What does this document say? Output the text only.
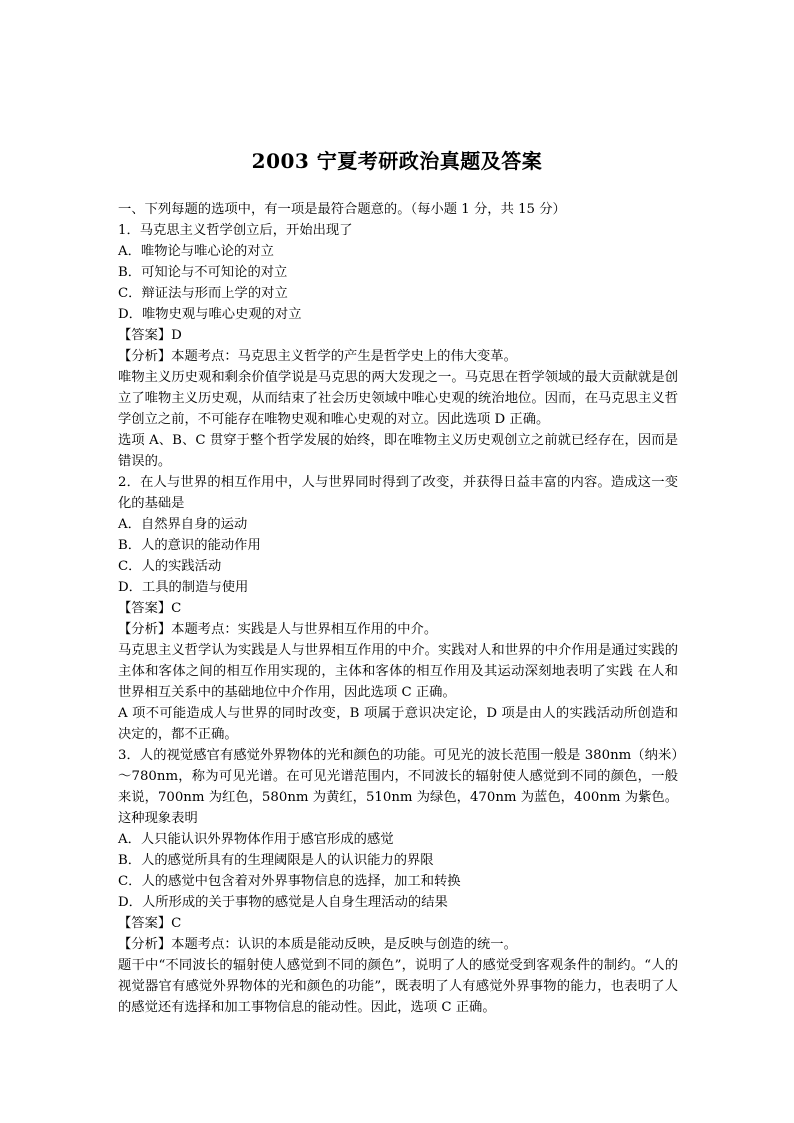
2003 宁夏考研政治真题及答案

一、下列每题的选项中，有一项是最符合题意的。（每小题 1 分，共 15 分）

1．马克思主义哲学创立后，开始出现了

A．唯物论与唯心论的对立

B．可知论与不可知论的对立

C．辩证法与形而上学的对立

D．唯物史观与唯心史观的对立

【答案】D

【分析】本题考点：马克思主义哲学的产生是哲学史上的伟大变革。

唯物主义历史观和剩余价值学说是马克思的两大发现之一。马克思在哲学领域的最大贡献就是创立了唯物主义历史观，从而结束了社会历史领域中唯心史观的统治地位。因而，在马克思主义哲学创立之前，不可能存在唯物史观和唯心史观的对立。因此选项 D 正确。

选项 A、B、C 贯穿于整个哲学发展的始终，即在唯物主义历史观创立之前就已经存在，因而是错误的。

2．在人与世界的相互作用中，人与世界同时得到了改变，并获得日益丰富的内容。造成这一变化的基础是

A．自然界自身的运动

B．人的意识的能动作用

C．人的实践活动

D．工具的制造与使用

【答案】C

【分析】本题考点：实践是人与世界相互作用的中介。

马克思主义哲学认为实践是人与世界相互作用的中介。实践对人和世界的中介作用是通过实践的主体和客体之间的相互作用实现的，主体和客体的相互作用及其运动深刻地表明了实践 在人和世界相互关系中的基础地位中介作用，因此选项 C 正确。

A 项不可能造成人与世界的同时改变，B 项属于意识决定论，D 项是由人的实践活动所创造和决定的，都不正确。

3．人的视觉感官有感觉外界物体的光和颜色的功能。可见光的波长范围一般是 380nm（纳米）～780nm，称为可见光谱。在可见光谱范围内，不同波长的辐射使人感觉到不同的颜色，一般来说，700nm 为红色，580nm 为黄红，510nm 为绿色，470nm 为蓝色，400nm 为紫色。这种现象表明

A．人只能认识外界物体作用于感官形成的感觉

B．人的感觉所具有的生理阈限是人的认识能力的界限

C．人的感觉中包含着对外界事物信息的选择，加工和转换

D．人所形成的关于事物的感觉是人自身生理活动的结果

【答案】C

【分析】本题考点：认识的本质是能动反映，是反映与创造的统一。

题干中“不同波长的辐射使人感觉到不同的颜色”，说明了人的感觉受到客观条件的制约。“人的视觉器官有感觉外界物体的光和颜色的功能”，既表明了人有感觉外界事物的能力，也表明了人的感觉还有选择和加工事物信息的能动性。因此，选项 C 正确。
